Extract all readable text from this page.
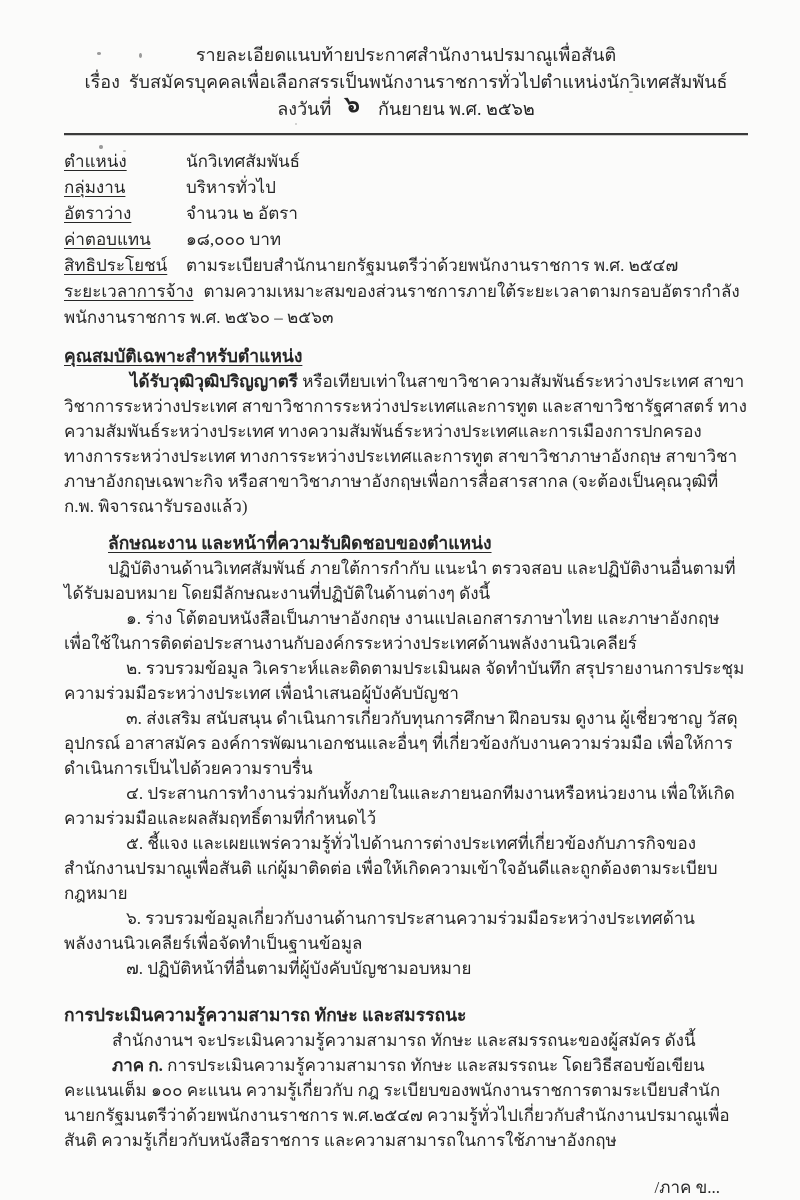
รายละเอียดแนบท้ายประกาศสำนักงานปรมาณูเพื่อสันติ
เรื่อง รับสมัครบุคคลเพื่อเลือกสรรเป็นพนักงานราชการทั่วไปตำแหน่งนักวิเทศสัมพันธ์
ลงวันที่ ๖ กันยายน พ.ศ. ๒๕๖๒
ตำแหน่ง	นักวิเทศสัมพันธ์
กลุ่มงาน	บริหารทั่วไป
อัตราว่าง	จำนวน ๒ อัตรา
ค่าตอบแทน	๑๘,๐๐๐ บาท
สิทธิประโยชน์	ตามระเบียบสำนักนายกรัฐมนตรีว่าด้วยพนักงานราชการ พ.ศ. ๒๕๔๗

ระยะเวลาการจ้าง ตามความเหมาะสมของส่วนราชการภายใต้ระยะเวลาตามกรอบอัตรากำลังพนักงานราชการ พ.ศ. ๒๕๖๐ – ๒๕๖๓

คุณสมบัติเฉพาะสำหรับตำแหน่ง

ได้รับวุฒิวุฒิปริญญาตรี หรือเทียบเท่าในสาขาวิชาความสัมพันธ์ระหว่างประเทศ สาขาวิชาการระหว่างประเทศ สาขาวิชาการระหว่างประเทศและการทูต และสาขาวิชารัฐศาสตร์ ทางความสัมพันธ์ระหว่างประเทศ ทางความสัมพันธ์ระหว่างประเทศและการเมืองการปกครอง ทางการระหว่างประเทศ ทางการระหว่างประเทศและการทูต สาขาวิชาภาษาอังกฤษ สาขาวิชาภาษาอังกฤษเฉพาะกิจ หรือสาขาวิชาภาษาอังกฤษเพื่อการสื่อสารสากล (จะต้องเป็นคุณวุฒิที่ ก.พ. พิจารณารับรองแล้ว)

ลักษณะงาน และหน้าที่ความรับผิดชอบของตำแหน่ง

ปฏิบัติงานด้านวิเทศสัมพันธ์ ภายใต้การกำกับ แนะนำ ตรวจสอบ และปฏิบัติงานอื่นตามที่ได้รับมอบหมาย โดยมีลักษณะงานที่ปฏิบัติในด้านต่างๆ ดังนี้

๑. ร่าง โต้ตอบหนังสือเป็นภาษาอังกฤษ งานแปลเอกสารภาษาไทย และภาษาอังกฤษ เพื่อใช้ในการติดต่อประสานงานกับองค์กรระหว่างประเทศด้านพลังงานนิวเคลียร์

๒. รวบรวมข้อมูล วิเคราะห์และติดตามประเมินผล จัดทำบันทึก สรุปรายงานการประชุมความร่วมมือระหว่างประเทศ เพื่อนำเสนอผู้บังคับบัญชา

๓. ส่งเสริม สนับสนุน ดำเนินการเกี่ยวกับทุนการศึกษา ฝึกอบรม ดูงาน ผู้เชี่ยวชาญ วัสดุอุปกรณ์ อาสาสมัคร องค์การพัฒนาเอกชนและอื่นๆ ที่เกี่ยวข้องกับงานความร่วมมือ เพื่อให้การดำเนินการเป็นไปด้วยความราบรื่น

๔. ประสานการทำงานร่วมกันทั้งภายในและภายนอกทีมงานหรือหน่วยงาน เพื่อให้เกิดความร่วมมือและผลสัมฤทธิ์ตามที่กำหนดไว้

๕. ชี้แจง และเผยแพร่ความรู้ทั่วไปด้านการต่างประเทศที่เกี่ยวข้องกับภารกิจของสำนักงานปรมาณูเพื่อสันติ แก่ผู้มาติดต่อ เพื่อให้เกิดความเข้าใจอันดีและถูกต้องตามระเบียบกฎหมาย

๖. รวบรวมข้อมูลเกี่ยวกับงานด้านการประสานความร่วมมือระหว่างประเทศด้านพลังงานนิวเคลียร์เพื่อจัดทำเป็นฐานข้อมูล

๗. ปฏิบัติหน้าที่อื่นตามที่ผู้บังคับบัญชามอบหมาย

การประเมินความรู้ความสามารถ ทักษะ และสมรรถนะ

สำนักงานฯ จะประเมินความรู้ความสามารถ ทักษะ และสมรรถนะของผู้สมัคร ดังนี้

ภาค ก. การประเมินความรู้ความสามารถ ทักษะ และสมรรถนะ โดยวิธีสอบข้อเขียน คะแนนเต็ม ๑๐๐ คะแนน ความรู้เกี่ยวกับ กฎ ระเบียบของพนักงานราชการตามระเบียบสำนักนายกรัฐมนตรีว่าด้วยพนักงานราชการ พ.ศ.๒๕๔๗ ความรู้ทั่วไปเกี่ยวกับสำนักงานปรมาณูเพื่อสันติ ความรู้เกี่ยวกับหนังสือราชการ และความสามารถในการใช้ภาษาอังกฤษ

/ภาค ข...
